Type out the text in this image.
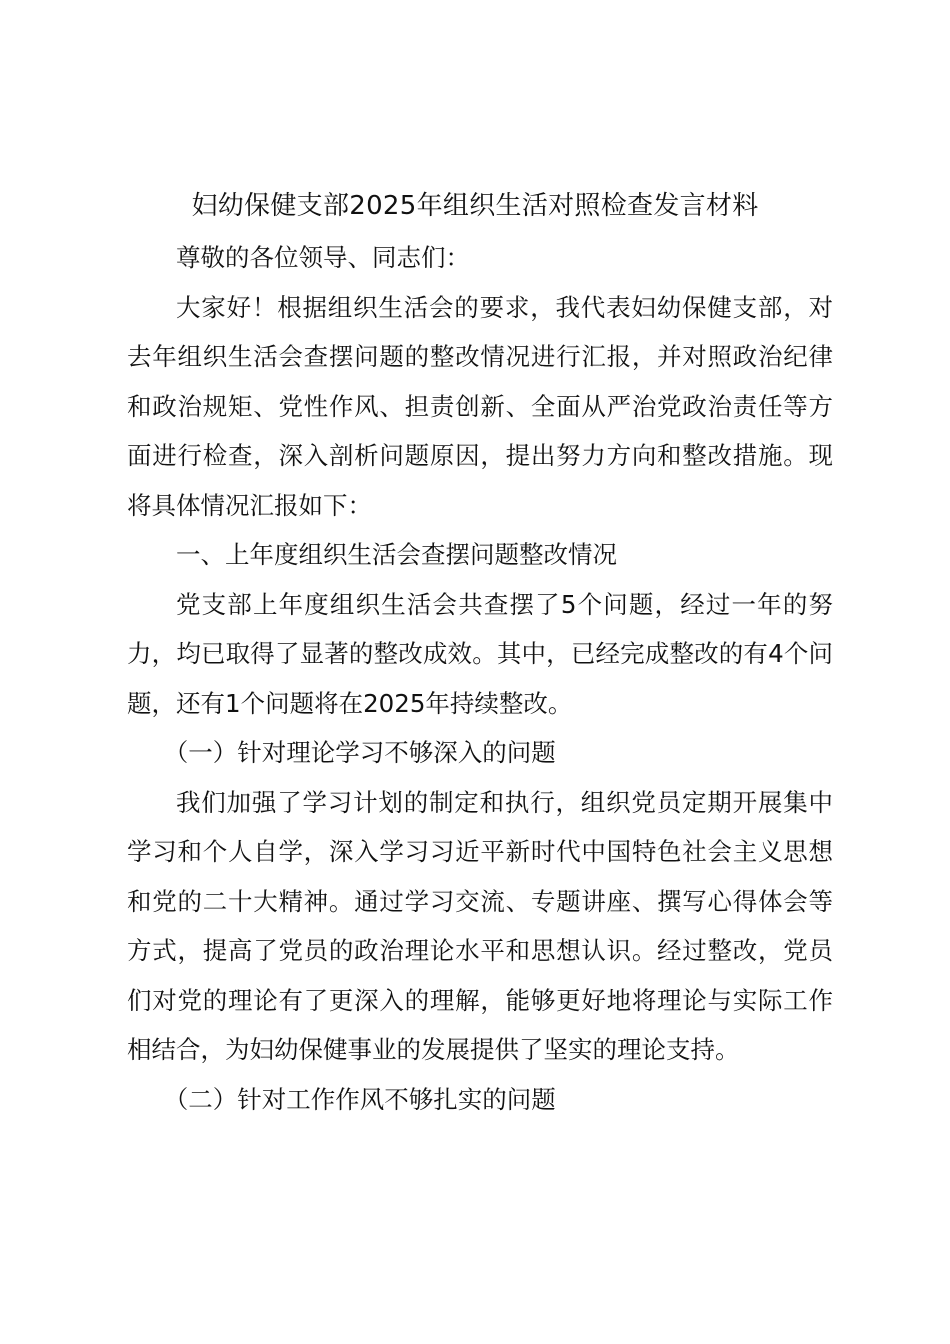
妇幼保健支部2025年组织生活对照检查发言材料

尊敬的各位领导、同志们：

大家好！根据组织生活会的要求，我代表妇幼保健支部，对去年组织生活会查摆问题的整改情况进行汇报，并对照政治纪律和政治规矩、党性作风、担责创新、全面从严治党政治责任等方面进行检查，深入剖析问题原因，提出努力方向和整改措施。现将具体情况汇报如下：

一、上年度组织生活会查摆问题整改情况

党支部上年度组织生活会共查摆了5个问题，经过一年的努力，均已取得了显著的整改成效。其中，已经完成整改的有4个问题，还有1个问题将在2025年持续整改。

（一）针对理论学习不够深入的问题

我们加强了学习计划的制定和执行，组织党员定期开展集中学习和个人自学，深入学习习近平新时代中国特色社会主义思想和党的二十大精神。通过学习交流、专题讲座、撰写心得体会等方式，提高了党员的政治理论水平和思想认识。经过整改，党员们对党的理论有了更深入的理解，能够更好地将理论与实际工作相结合，为妇幼保健事业的发展提供了坚实的理论支持。

（二）针对工作作风不够扎实的问题
